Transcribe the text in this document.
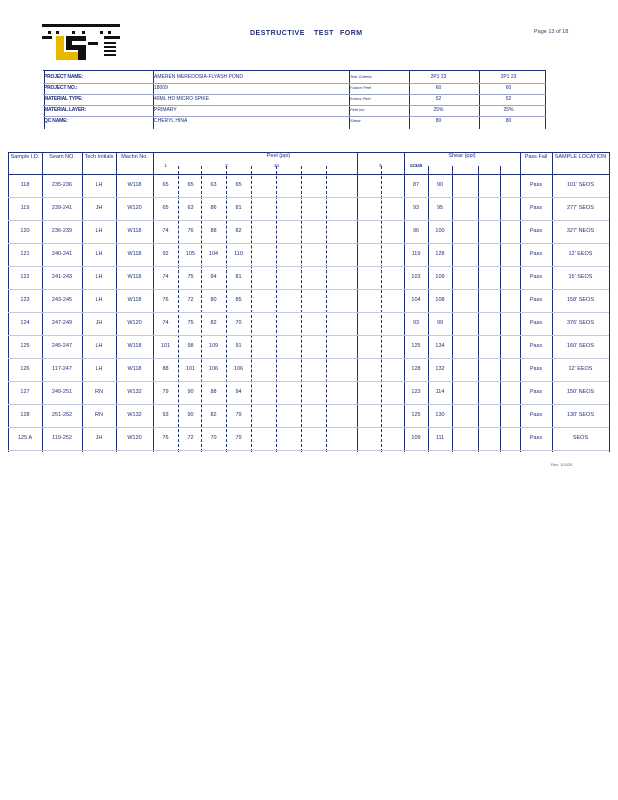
DESTRUCTIVE TEST FORM	Page 13 of 18
PROJECT NAME:	AMEREN MEREDOSIA-FLYASH POND	Test Criteria	2P1 23	2P1 23
PROJECT NO.:	18009	Fusion Peel	60	60
MATERIAL TYPE:	40ML HD MICRO SPIKE	Extrus Peel	52	52
MATERIAL LAYER:	PRIMARY	Peel Inc.	25%	25%
QC NAME:	CHERYL HINA	Shear	80	80
Sample I.D.	Seam NO.	Tech Initials	Machn No.	Pass Fail	SAMPLE LOCATION
Peel (ppi)	Shear (ppi)
1	2	34	5	12345
118	235-236	LH	W118	65	65	63	65	87	90	Pass	101' SEOS
119	239-241	JH	W120	65	63	86	81	93	95	Pass	277' SEOS
120	236-239	LH	W118	74	76	88	82	96	100	Pass	327' NEOS
121	240-241	LH	W118	92	105	104	110	119	128	Pass	12' EEOS
122	241-243	LH	W118	74	75	84	81	103	109	Pass	15' SEOS
123	243-245	LH	W118	76	72	80	85	104	108	Pass	158' SEOS
124	247-249	JH	W120	74	75	82	70	93	99	Pass	376' SEOS
125	245-247	LH	W118	101	98	109	91	125	134	Pass	160' SEOS
126	117-247	LH	W118	88	101	106	106	128	132	Pass	12' EEOS
127	249-251	RN	W132	79	90	88	94	123	114	Pass	150' NEOS
128	251-252	RN	W132	93	90	82	79	125	130	Pass	130' SEOS
125 A	119-252	JH	W120	76	72	70	79	109	111	Pass	SEOS
Rev. 1/2020
